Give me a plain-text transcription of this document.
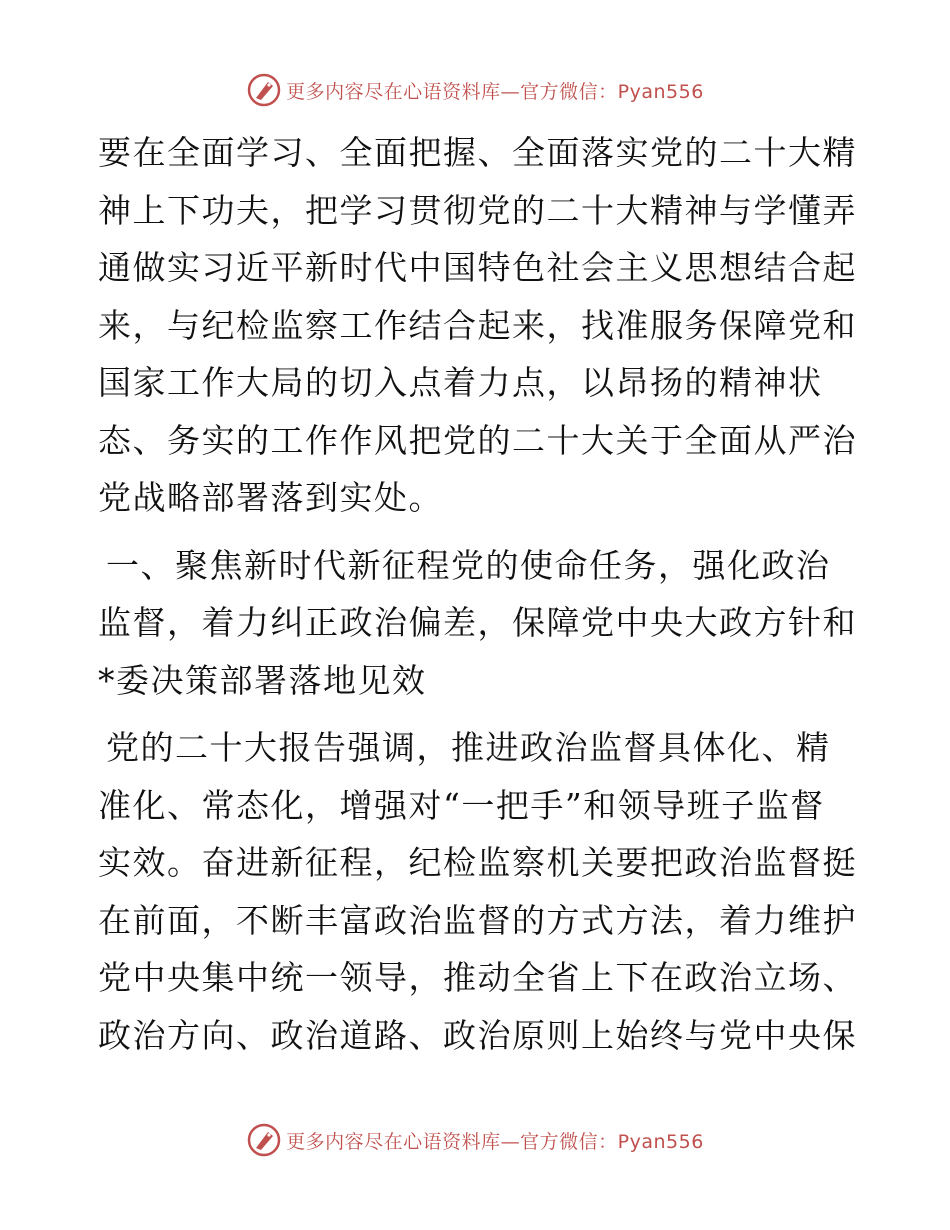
更多内容尽在心语资料库—官方微信：Pyan556

要在全面学习、全面把握、全面落实党的二十大精
神上下功夫，把学习贯彻党的二十大精神与学懂弄
通做实习近平新时代中国特色社会主义思想结合起
来，与纪检监察工作结合起来，找准服务保障党和
国家工作大局的切入点着力点，以昂扬的精神状
态、务实的工作作风把党的二十大关于全面从严治
党战略部署落到实处。

一、聚焦新时代新征程党的使命任务，强化政治
监督，着力纠正政治偏差，保障党中央大政方针和
*委决策部署落地见效

党的二十大报告强调，推进政治监督具体化、精
准化、常态化，增强对“一把手”和领导班子监督
实效。奋进新征程，纪检监察机关要把政治监督挺
在前面，不断丰富政治监督的方式方法，着力维护
党中央集中统一领导，推动全省上下在政治立场、
政治方向、政治道路、政治原则上始终与党中央保

更多内容尽在心语资料库—官方微信：Pyan556
